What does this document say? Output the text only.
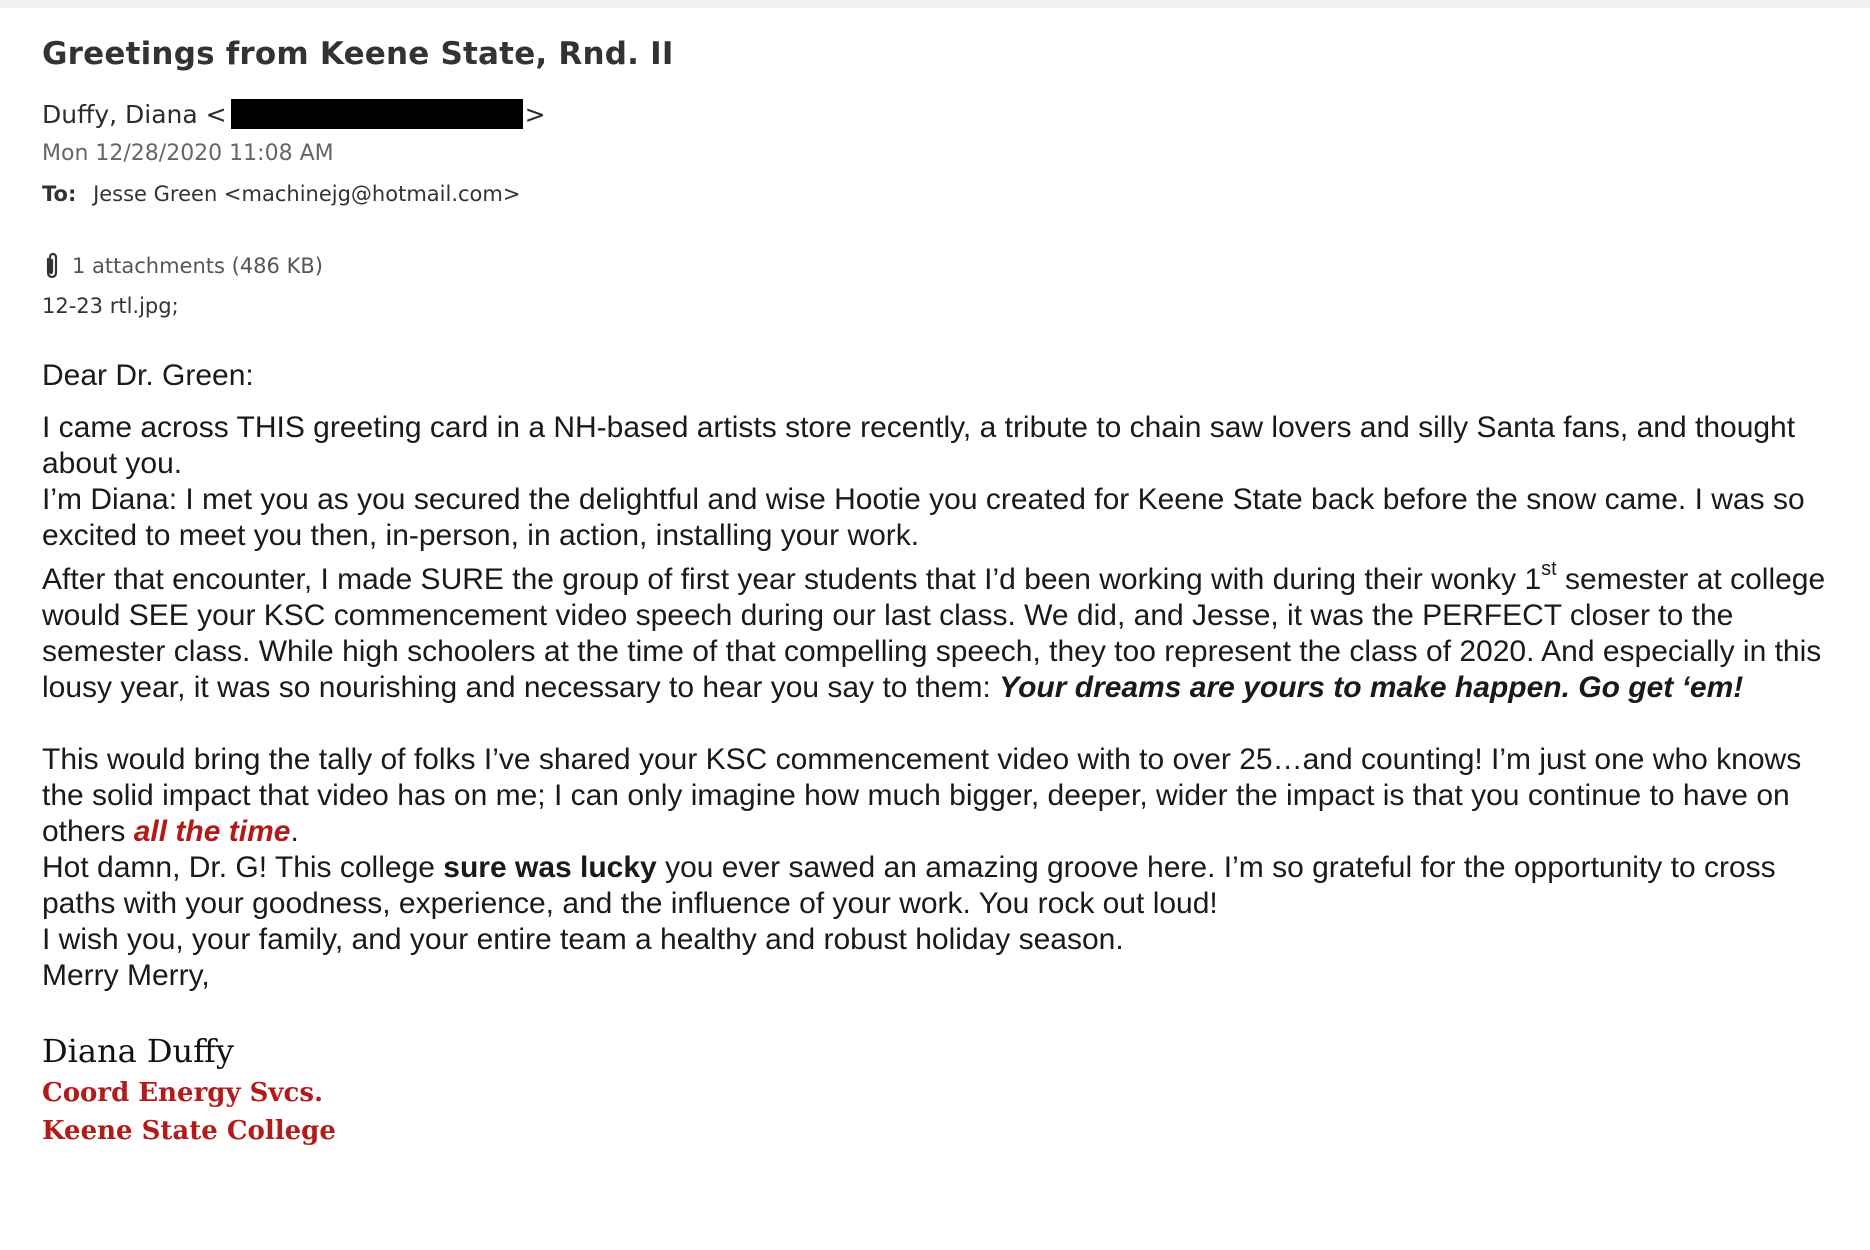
Greetings from Keene State, Rnd. II
Duffy, Diana <	>
Mon 12/28/2020 11:08 AM
To: Jesse Green <machinejg@hotmail.com>
1 attachments (486 KB)
12-23 rtl.jpg;

Dear Dr. Green:

I came across THIS greeting card in a NH-based artists store recently, a tribute to chain saw lovers and silly Santa fans, and thought about you.

I’m Diana: I met you as you secured the delightful and wise Hootie you created for Keene State back before the snow came. I was so excited to meet you then, in-person, in action, installing your work.

After that encounter, I made SURE the group of first year students that I’d been working with during their wonky 1st semester at college would SEE your KSC commencement video speech during our last class. We did, and Jesse, it was the PERFECT closer to the semester class. While high schoolers at the time of that compelling speech, they too represent the class of 2020. And especially in this lousy year, it was so nourishing and necessary to hear you say to them: Your dreams are yours to make happen. Go get ‘em!

This would bring the tally of folks I’ve shared your KSC commencement video with to over 25…and counting! I’m just one who knows the solid impact that video has on me; I can only imagine how much bigger, deeper, wider the impact is that you continue to have on others all the time.

Hot damn, Dr. G! This college sure was lucky you ever sawed an amazing groove here. I’m so grateful for the opportunity to cross paths with your goodness, experience, and the influence of your work. You rock out loud!

I wish you, your family, and your entire team a healthy and robust holiday season.

Merry Merry,

Diana Duffy
Coord Energy Svcs.
Keene State College
